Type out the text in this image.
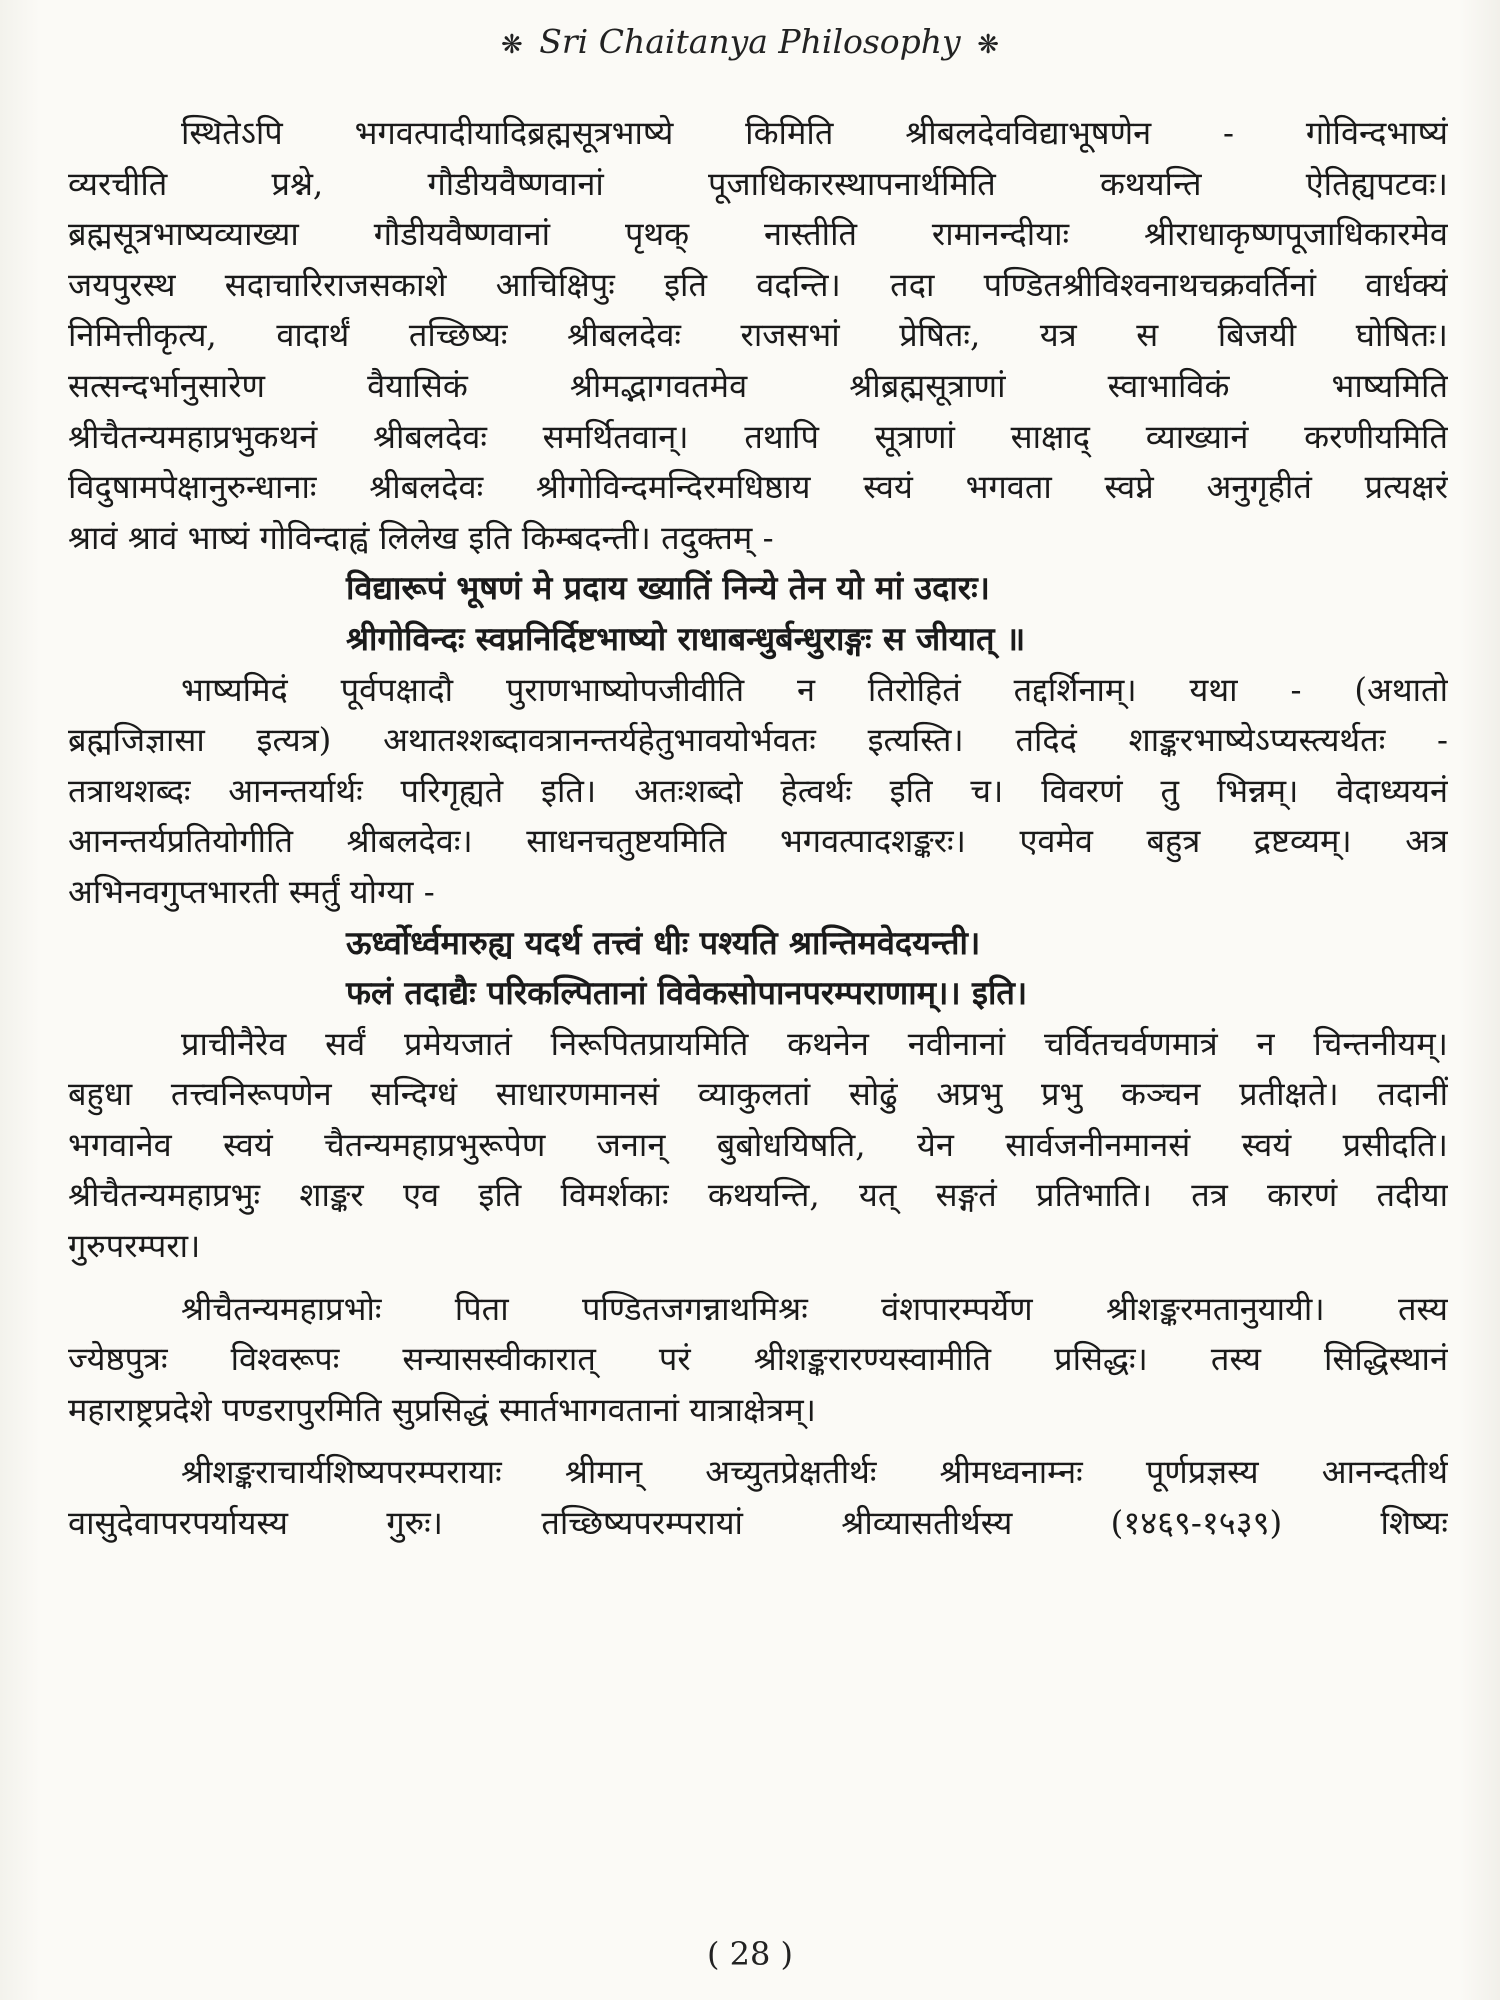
❋ Sri Chaitanya Philosophy ❋
स्थितेऽपि भगवत्पादीयादिब्रह्मसूत्रभाष्ये किमिति श्रीबलदेवविद्याभूषणेन - गोविन्दभाष्यं
व्यरचीति प्रश्ने, गौडीयवैष्णवानां पूजाधिकारस्थापनार्थमिति कथयन्ति ऐतिह्यपटवः।
ब्रह्मसूत्रभाष्यव्याख्या गौडीयवैष्णवानां पृथक् नास्तीति रामानन्दीयाः श्रीराधाकृष्णपूजाधिकारमेव
जयपुरस्थ सदाचारिराजसकाशे आचिक्षिपुः इति वदन्ति। तदा पण्डितश्रीविश्वनाथचक्रवर्तिनां वार्धक्यं
निमित्तीकृत्य, वादार्थं तच्छिष्यः श्रीबलदेवः राजसभां प्रेषितः, यत्र स बिजयी घोषितः।
सत्सन्दर्भानुसारेण वैयासिकं श्रीमद्भागवतमेव श्रीब्रह्मसूत्राणां स्वाभाविकं भाष्यमिति
श्रीचैतन्यमहाप्रभुकथनं श्रीबलदेवः समर्थितवान्। तथापि सूत्राणां साक्षाद् व्याख्यानं करणीयमिति
विदुषामपेक्षानुरुन्धानाः श्रीबलदेवः श्रीगोविन्दमन्दिरमधिष्ठाय स्वयं भगवता स्वप्ने अनुगृहीतं प्रत्यक्षरं
श्रावं श्रावं भाष्यं गोविन्दाह्वं लिलेख इति किम्बदन्ती। तदुक्तम् -
विद्यारूपं भूषणं मे प्रदाय ख्यातिं निन्ये तेन यो मां उदारः।
श्रीगोविन्दः स्वप्ननिर्दिष्टभाष्यो राधाबन्धुर्बन्धुराङ्गः स जीयात् ॥
भाष्यमिदं पूर्वपक्षादौ पुराणभाष्योपजीवीति न तिरोहितं तद्दर्शिनाम्। यथा - (अथातो
ब्रह्मजिज्ञासा इत्यत्र) अथातश्शब्दावत्रानन्तर्यहेतुभावयोर्भवतः इत्यस्ति। तदिदं शाङ्करभाष्येऽप्यस्त्यर्थतः -
तत्राथशब्दः आनन्तर्यार्थः परिगृह्यते इति। अतःशब्दो हेत्वर्थः इति च। विवरणं तु भिन्नम्। वेदाध्ययनं
आनन्तर्यप्रतियोगीति श्रीबलदेवः। साधनचतुष्टयमिति भगवत्पादशङ्करः। एवमेव बहुत्र द्रष्टव्यम्। अत्र
अभिनवगुप्तभारती स्मर्तुं योग्या -
ऊर्ध्वोर्ध्वमारुह्य यदर्थ तत्त्वं धीः पश्यति श्रान्तिमवेदयन्ती।
फलं तदाद्यैः परिकल्पितानां विवेकसोपानपरम्पराणाम्।। इति।
प्राचीनैरेव सर्वं प्रमेयजातं निरूपितप्रायमिति कथनेन नवीनानां चर्वितचर्वणमात्रं न चिन्तनीयम्।
बहुधा तत्त्वनिरूपणेन सन्दिग्धं साधारणमानसं व्याकुलतां सोढुं अप्रभु प्रभु कञ्चन प्रतीक्षते। तदानीं
भगवानेव स्वयं चैतन्यमहाप्रभुरूपेण जनान् बुबोधयिषति, येन सार्वजनीनमानसं स्वयं प्रसीदति।
श्रीचैतन्यमहाप्रभुः शाङ्कर एव इति विमर्शकाः कथयन्ति, यत् सङ्गतं प्रतिभाति। तत्र कारणं तदीया
गुरुपरम्परा।
श्रीचैतन्यमहाप्रभोः पिता पण्डितजगन्नाथमिश्रः वंशपारम्पर्येण श्रीशङ्करमतानुयायी। तस्य
ज्येष्ठपुत्रः विश्वरूपः सन्यासस्वीकारात् परं श्रीशङ्करारण्यस्वामीति प्रसिद्धः। तस्य सिद्धिस्थानं
महाराष्ट्रप्रदेशे पण्डरापुरमिति सुप्रसिद्धं स्मार्तभागवतानां यात्राक्षेत्रम्।
श्रीशङ्कराचार्यशिष्यपरम्परायाः श्रीमान् अच्युतप्रेक्षतीर्थः श्रीमध्वनाम्नः पूर्णप्रज्ञस्य आनन्दतीर्थ
वासुदेवापरपर्यायस्य गुरुः। तच्छिष्यपरम्परायां श्रीव्यासतीर्थस्य (१४६९-१५३९) शिष्यः
( 28 )
